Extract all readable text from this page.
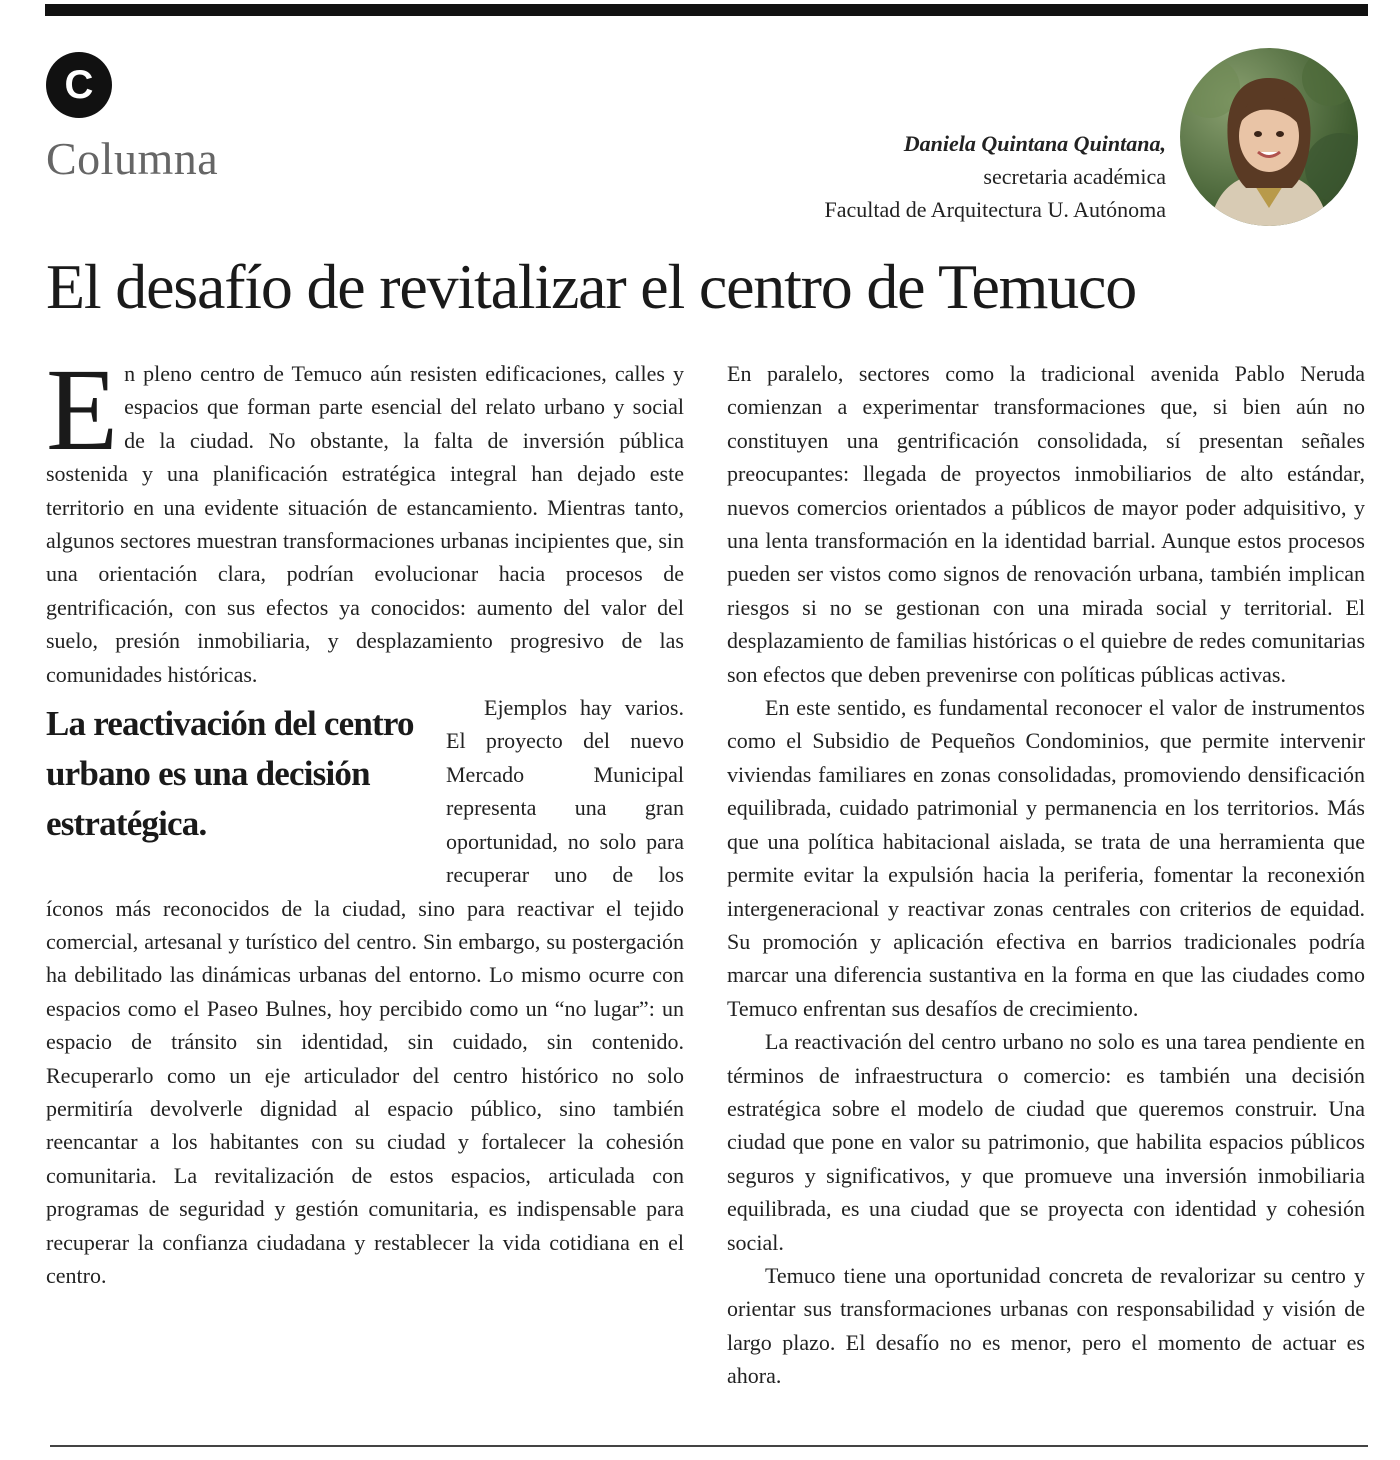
C
Columna	Daniela Quintana Quintana,
secretaria académica
Facultad de Arquitectura U. Autónoma
El desafío de revitalizar el centro de Temuco

En pleno centro de Temuco aún resisten edificaciones, calles y espacios que forman parte esencial del relato urbano y social de la ciudad. No obstante, la falta de inversión pública sostenida y una planificación estratégica integral han dejado este territorio en una evidente situación de estancamiento. Mientras tanto, algunos sectores muestran transformaciones urbanas incipientes que, sin una orientación clara, podrían evolucionar hacia procesos de gentrificación, con sus efectos ya conocidos: aumento del valor del suelo, presión inmobiliaria, y desplazamiento progresivo de las comunidades históricas.

La reactivación del centro urbano es una decisión estratégica.

Ejemplos hay varios. El proyecto del nuevo Mercado Municipal representa una gran oportunidad, no solo para recuperar uno de los íconos más reconocidos de la ciudad, sino para reactivar el tejido comercial, artesanal y turístico del centro. Sin embargo, su postergación ha debilitado las dinámicas urbanas del entorno. Lo mismo ocurre con espacios como el Paseo Bulnes, hoy percibido como un “no lugar”: un espacio de tránsito sin identidad, sin cuidado, sin contenido. Recuperarlo como un eje articulador del centro histórico no solo permitiría devolverle dignidad al espacio público, sino también reencantar a los habitantes con su ciudad y fortalecer la cohesión comunitaria. La revitalización de estos espacios, articulada con programas de seguridad y gestión comunitaria, es indispensable para recuperar la confianza ciudadana y restablecer la vida cotidiana en el centro.

En paralelo, sectores como la tradicional avenida Pablo Neruda comienzan a experimentar transformaciones que, si bien aún no constituyen una gentrificación consolidada, sí presentan señales preocupantes: llegada de proyectos inmobiliarios de alto estándar, nuevos comercios orientados a públicos de mayor poder adquisitivo, y una lenta transformación en la identidad barrial. Aunque estos procesos pueden ser vistos como signos de renovación urbana, también implican riesgos si no se gestionan con una mirada social y territorial. El desplazamiento de familias históricas o el quiebre de redes comunitarias son efectos que deben prevenirse con políticas públicas activas.

En este sentido, es fundamental reconocer el valor de instrumentos como el Subsidio de Pequeños Condominios, que permite intervenir viviendas familiares en zonas consolidadas, promoviendo densificación equilibrada, cuidado patrimonial y permanencia en los territorios. Más que una política habitacional aislada, se trata de una herramienta que permite evitar la expulsión hacia la periferia, fomentar la reconexión intergeneracional y reactivar zonas centrales con criterios de equidad. Su promoción y aplicación efectiva en barrios tradicionales podría marcar una diferencia sustantiva en la forma en que las ciudades como Temuco enfrentan sus desafíos de crecimiento.

La reactivación del centro urbano no solo es una tarea pendiente en términos de infraestructura o comercio: es también una decisión estratégica sobre el modelo de ciudad que queremos construir. Una ciudad que pone en valor su patrimonio, que habilita espacios públicos seguros y significativos, y que promueve una inversión inmobiliaria equilibrada, es una ciudad que se proyecta con identidad y cohesión social.

Temuco tiene una oportunidad concreta de revalorizar su centro y orientar sus transformaciones urbanas con responsabilidad y visión de largo plazo. El desafío no es menor, pero el momento de actuar es ahora.
